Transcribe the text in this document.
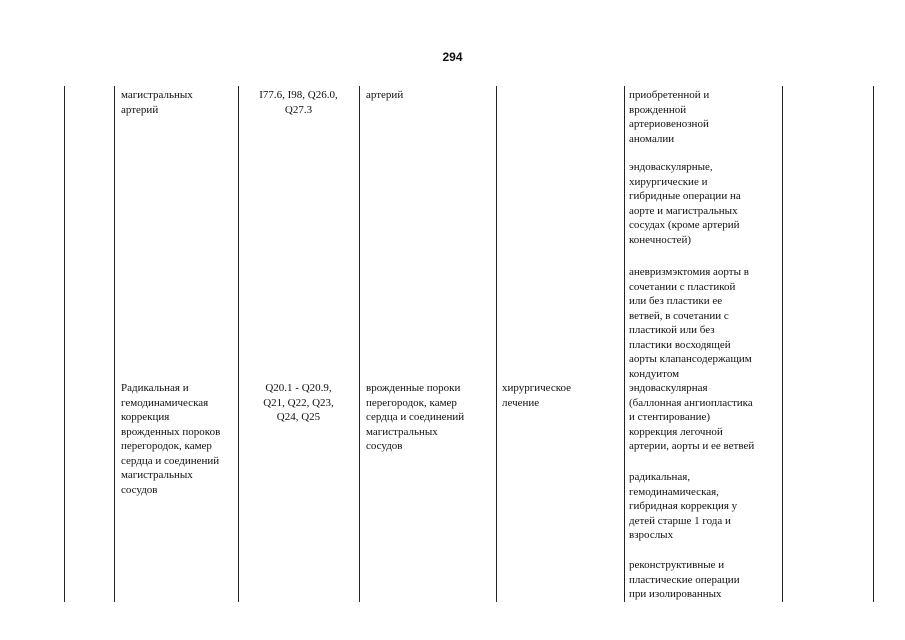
294
магистральных
артерий
I77.6, I98, Q26.0,
Q27.3
артерий
Радикальная и
гемодинамическая
коррекция
врожденных пороков
перегородок, камер
сердца и соединений
магистральных
сосудов
Q20.1 - Q20.9,
Q21, Q22, Q23,
Q24, Q25
врожденные пороки
перегородок, камер
сердца и соединений
магистральных
сосудов
хирургическое
лечение
приобретенной и
врожденной
артериовенозной
аномалии
эндоваскулярные,
хирургические и
гибридные операции на
аорте и магистральных
сосудах (кроме артерий
конечностей)
аневризмэктомия аорты в
сочетании с пластикой
или без пластики ее
ветвей, в сочетании с
пластикой или без
пластики восходящей
аорты клапансодержащим
кондуитом
эндоваскулярная
(баллонная ангиопластика
и стентирование)
коррекция легочной
артерии, аорты и ее ветвей
радикальная,
гемодинамическая,
гибридная коррекция у
детей старше 1 года и
взрослых
реконструктивные и
пластические операции
при изолированных
